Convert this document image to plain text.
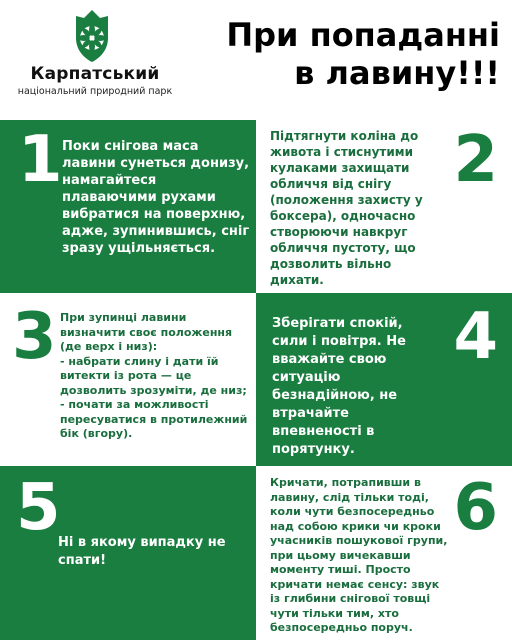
Карпатський
національний природний парк
При попаданні
в лавину!!!
1 Поки снігова маса лавини сунеться донизу, намагайтеся плаваючими рухами вибратися на поверхню, адже, зупинившись, сніг зразу ущільняється.
2
Підтягнути коліна до живота і стиснутими кулаками захищати обличчя від снігу (положення захисту у боксера), одночасно створюючи навкруг обличчя пустоту, що дозволить вільно дихати.
3 При зупинці лавини визначити своє положення (де верх і низ):
- набрати слину і дати їй витекти із рота — це дозволить зрозуміти, де низ;
- почати за можливості пересуватися в протилежний бік (вгору).
4
Зберігати спокій, сили і повітря. Не вважайте свою ситуацію безнадійною, не втрачайте впевненості в порятунку.
5
Ні в якому випадку не спати!
6
Кричати, потрапивши в лавину, слід тільки тоді, коли чути безпосередньо над собою крики чи кроки учасників пошукової групи, при цьому вичекавши моменту тиші. Просто кричати немає сенсу: звук із глибини снігової товщі чути тільки тим, хто безпосередньо поруч.
